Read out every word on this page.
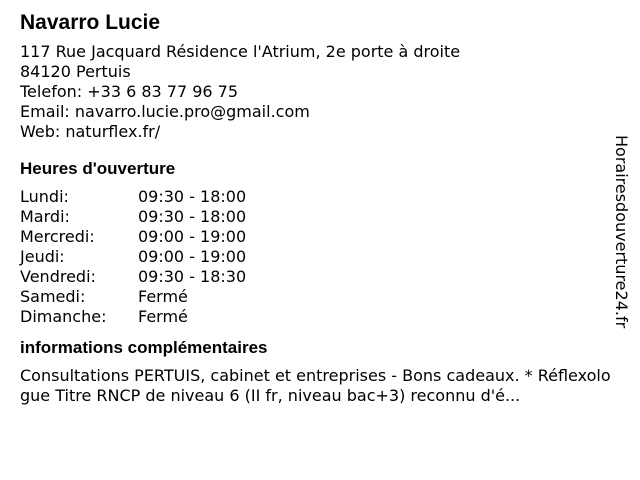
Navarro Lucie
117 Rue Jacquard Résidence l'Atrium, 2e porte à droite
84120 Pertuis
Telefon: +33 6 83 77 96 75
Email: navarro.lucie.pro@gmail.com
Web: naturflex.fr/
Heures d'ouverture
Lundi:	09:30 - 18:00
Mardi:	09:30 - 18:00
Mercredi:	09:00 - 19:00
Jeudi:	09:00 - 19:00
Vendredi:	09:30 - 18:30
Samedi:	Fermé
Dimanche:	Fermé
informations complémentaires
Consultations PERTUIS, cabinet et entreprises - Bons cadeaux. * Réflexologue Titre RNCP de niveau 6 (II fr, niveau bac+3) reconnu d'é...
Horairesdouverture24.fr
